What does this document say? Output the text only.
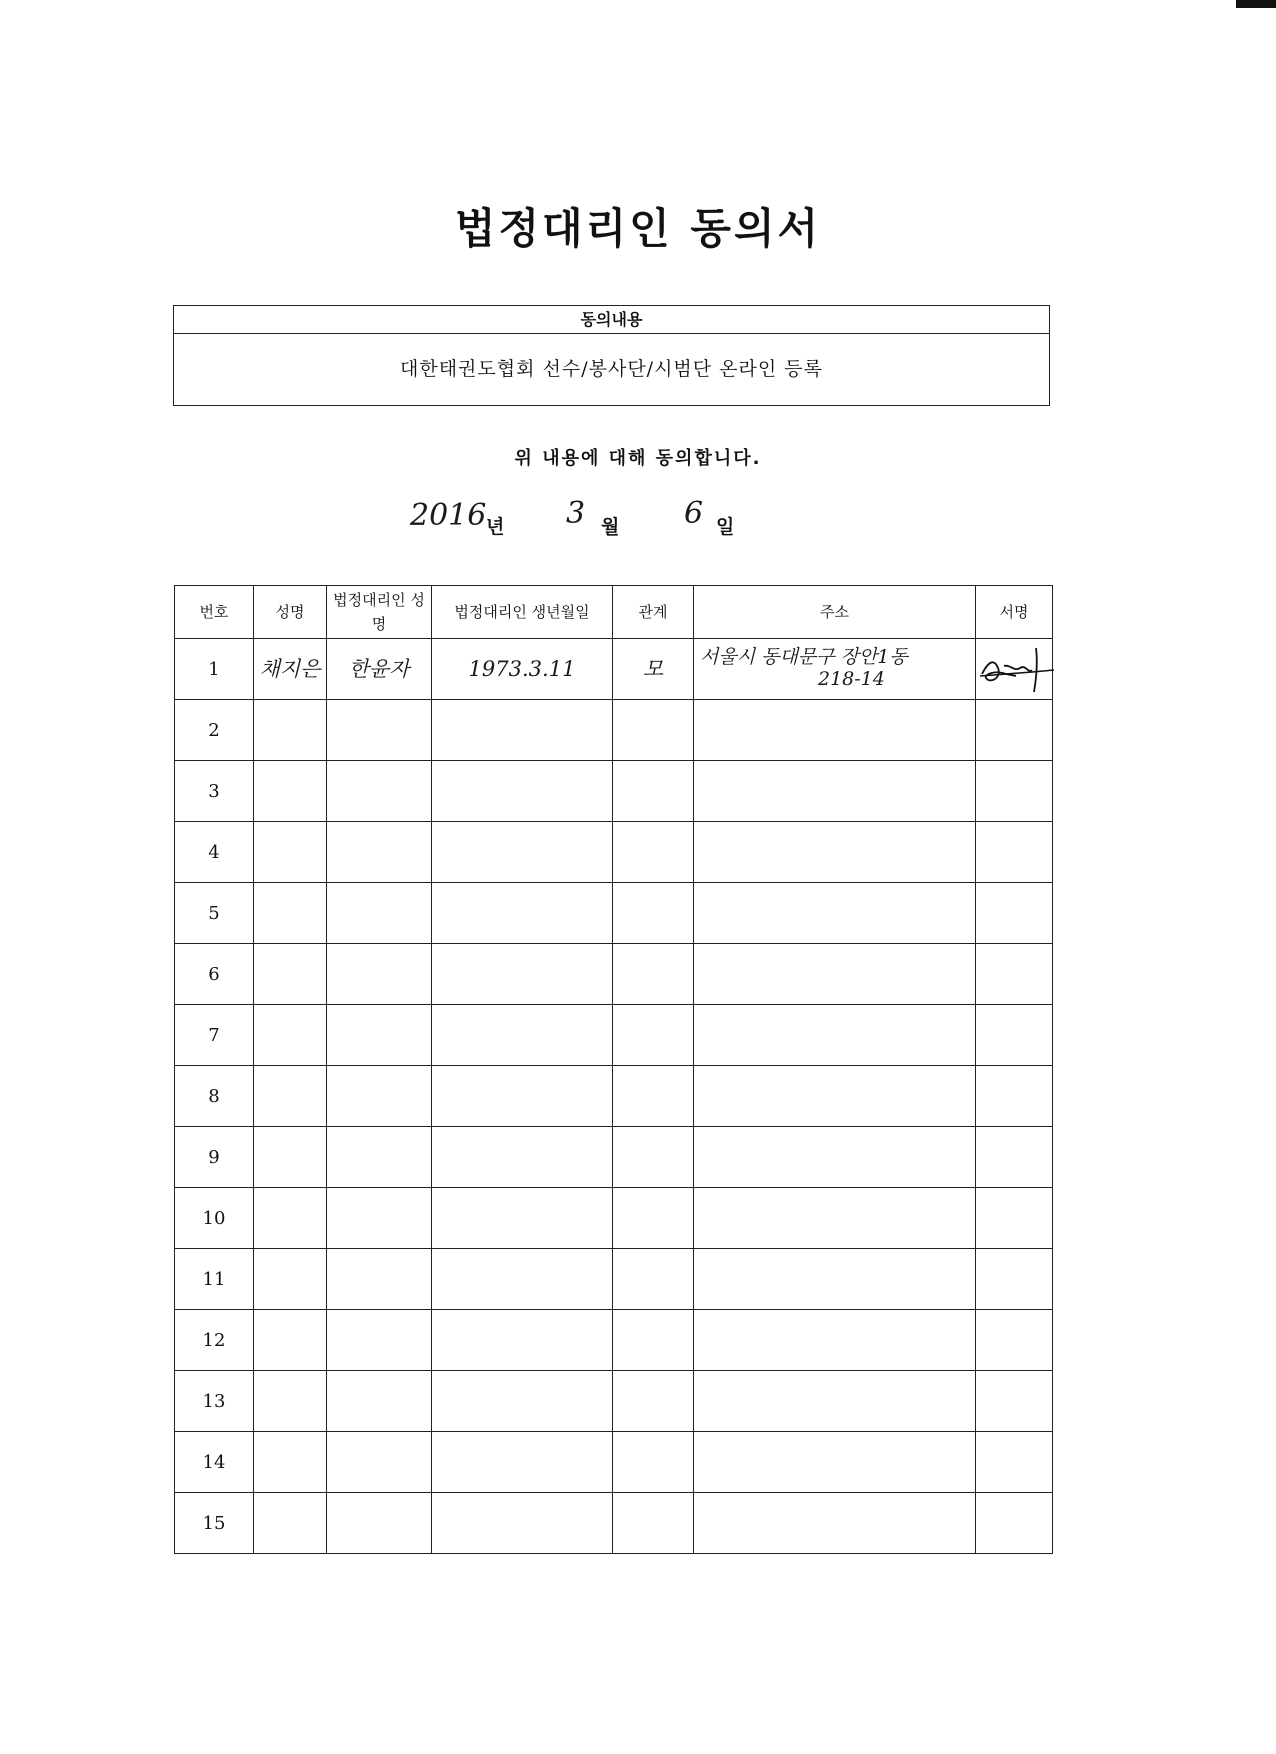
법정대리인 동의서
동의내용
대한태권도협회 선수/봉사단/시범단 온라인 등록
위 내용에 대해 동의합니다.
2016 년 3 월 6 일
번호	성명	법정대리인 성명	법정대리인 생년월일	관계	주소	서명
1	채지은	한윤자	1973.3.11	모	서울시 동대문구 장안1동
218-14

2						
3						
4						
5						
6						
7						
8						
9						
10						
11						
12						
13						
14						
15						
